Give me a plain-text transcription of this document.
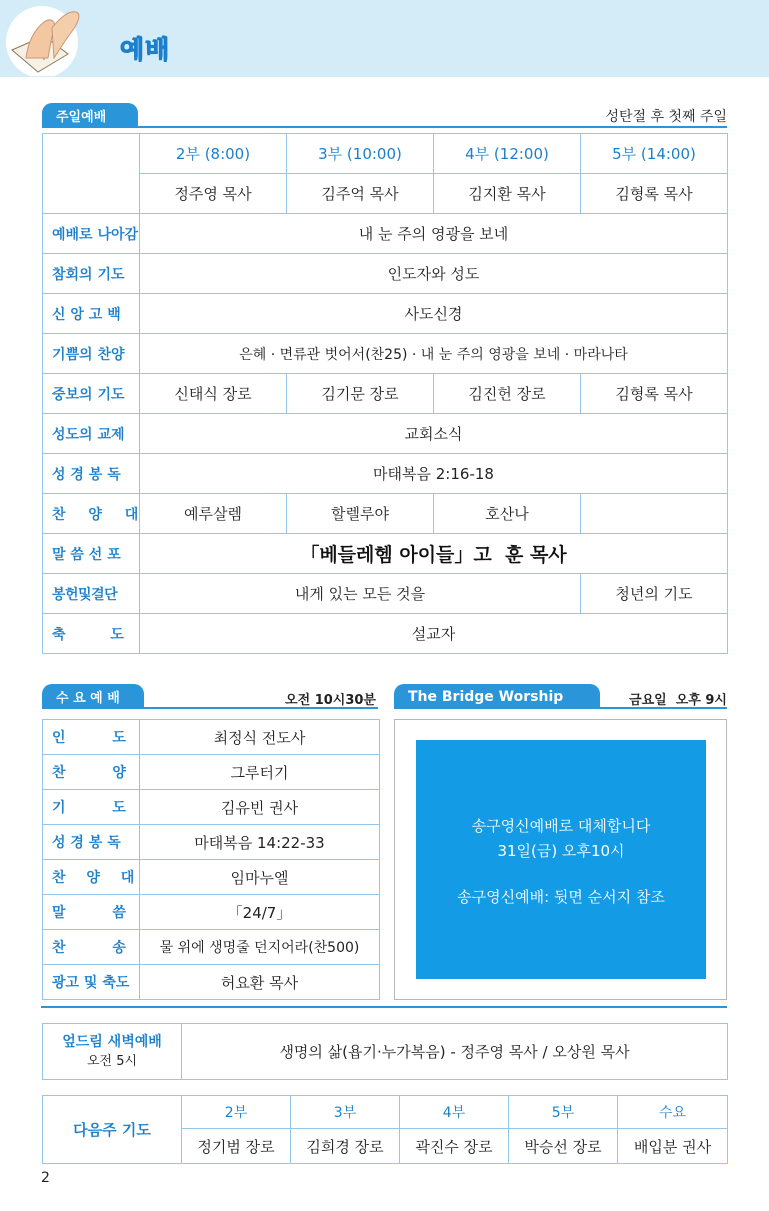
예배
주일예배	성탄절 후 첫째 주일
	2부 (8:00)	3부 (10:00)	4부 (12:00)	5부 (14:00)
	정주영 목사	김주억 목사	김지환 목사	김형록 목사
예배로 나아감	내 눈 주의 영광을 보네			
참회의 기도	인도자와 성도			
신 앙 고 백	사도신경			
기쁨의 찬양	은혜 · 면류관 벗어서(찬25) · 내 눈 주의 영광을 보네 · 마라나타			
중보의 기도	신태식 장로	김기문 장로	김진헌 장로	김형록 목사
성도의 교제	교회소식			
성 경 봉 독	마태복음 2:16-18			
찬 양 대	예루살렘	할렐루야	호산나	
말 씀 선 포	「베들레헴 아이들」고  훈 목사			
봉헌및결단	내게 있는 모든 것을			청년의 기도
축 도	설교자			
수 요 예 배	오전 10시30분
인 도	최정식 전도사
찬 양	그루터기
기 도	김유빈 권사
성 경 봉 독	마태복음 14:22-33
찬 양 대	임마누엘
말 씀	「24/7」
찬 송	물 위에 생명줄 던지어라(찬500)
광고 및 축도	허요환 목사
The Bridge Worship	금요일  오후 9시
송구영신예배로 대체합니다
31일(금) 오후10시
송구영신예배: 뒷면 순서지 참조
엎드림 새벽예배
오전 5시	생명의 삶(욥기·누가복음) - 정주영 목사 / 오상원 목사
다음주 기도	2부	3부	4부	5부	수요
	정기범 장로	김희경 장로	곽진수 장로	박승선 장로	배입분 권사
2
